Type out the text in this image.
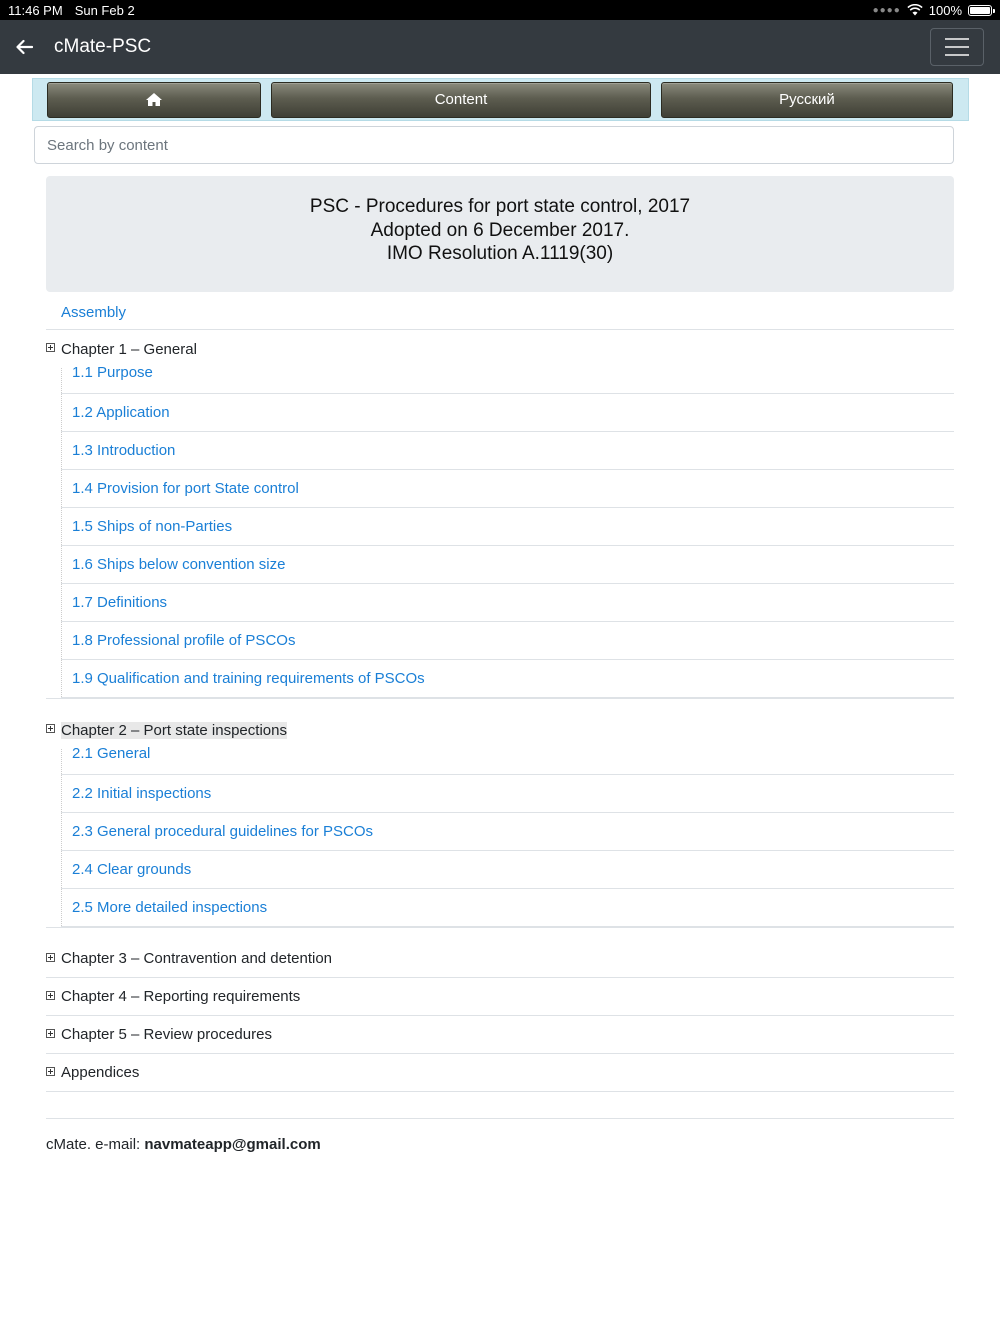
11:46 PM Sun Feb 2	●●●● 100%
cMate-PSC
Content	Русский
Search by content
PSC - Procedures for port state control, 2017
Adopted on 6 December 2017.
IMO Resolution A.1119(30)
Assembly
Chapter 1 – General
1.1 Purpose
1.2 Application
1.3 Introduction
1.4 Provision for port State control
1.5 Ships of non-Parties
1.6 Ships below convention size
1.7 Definitions
1.8 Professional profile of PSCOs
1.9 Qualification and training requirements of PSCOs
Chapter 2 – Port state inspections
2.1 General
2.2 Initial inspections
2.3 General procedural guidelines for PSCOs
2.4 Clear grounds
2.5 More detailed inspections
Chapter 3 – Contravention and detention
Chapter 4 – Reporting requirements
Chapter 5 – Review procedures
Appendices
cMate. e-mail: navmateapp@gmail.com
